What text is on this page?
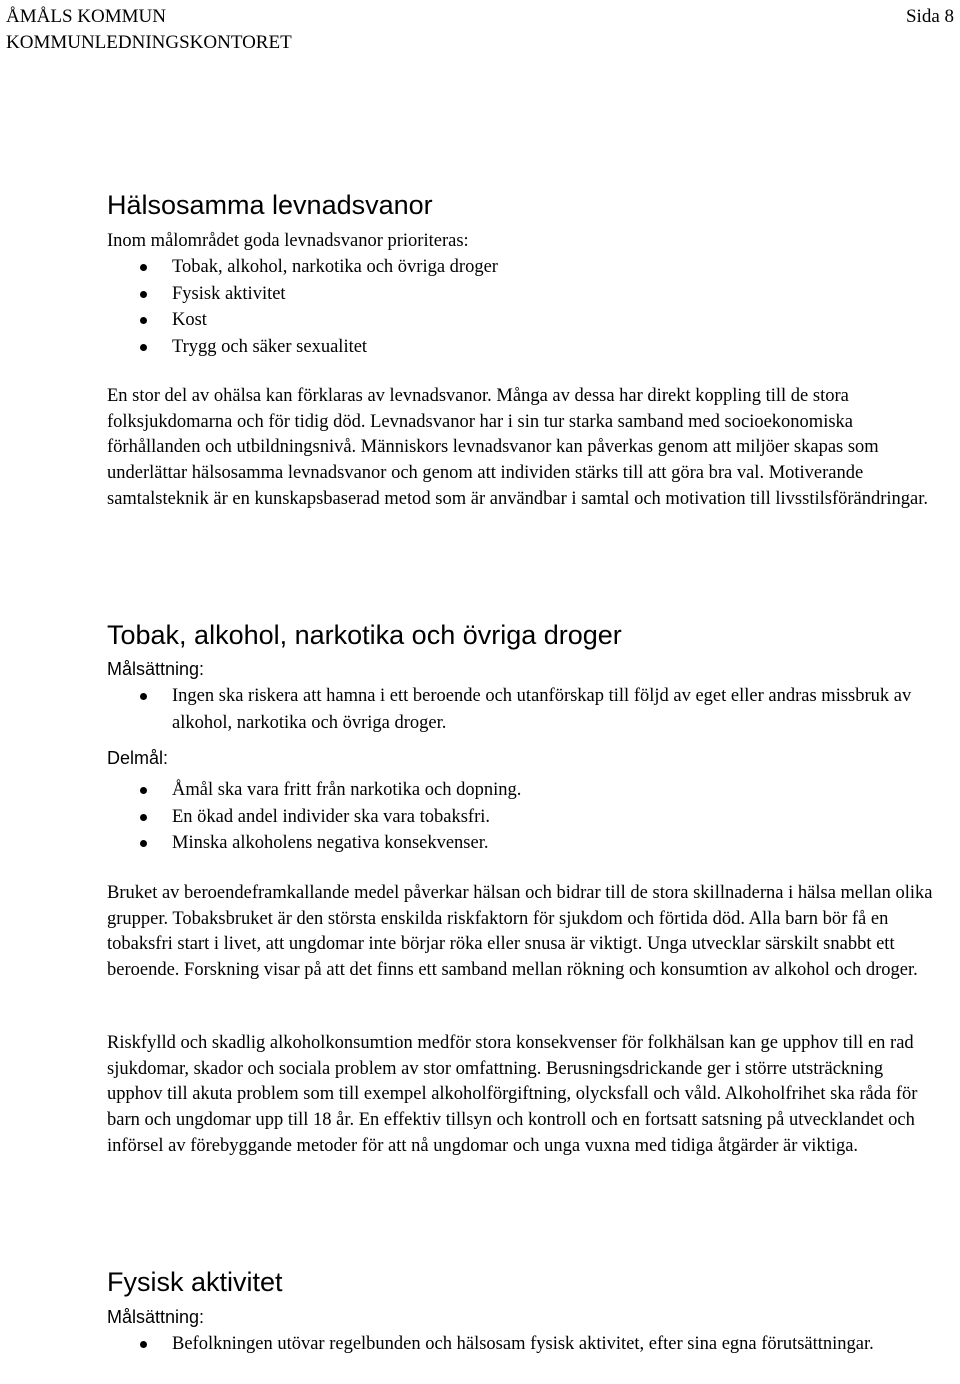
ÅMÅLS KOMMUN
KOMMUNLEDNINGSKONTORET
Sida 8
Hälsosamma levnadsvanor

Inom målområdet goda levnadsvanor prioriteras:

Tobak, alkohol, narkotika och övriga droger
Fysisk aktivitet
Kost
Trygg och säker sexualitet

En stor del av ohälsa kan förklaras av levnadsvanor. Många av dessa har direkt koppling till de stora folksjukdomarna och för tidig död. Levnadsvanor har i sin tur starka samband med socioekonomiska förhållanden och utbildningsnivå. Människors levnadsvanor kan påverkas genom att miljöer skapas som underlättar hälsosamma levnadsvanor och genom att individen stärks till att göra bra val. Motiverande samtalsteknik är en kunskapsbaserad metod som är användbar i samtal och motivation till livsstilsförändringar.

Tobak, alkohol, narkotika och övriga droger

Målsättning:

Ingen ska riskera att hamna i ett beroende och utanförskap till följd av eget eller andras missbruk av alkohol, narkotika och övriga droger.

Delmål:

Åmål ska vara fritt från narkotika och dopning.
En ökad andel individer ska vara tobaksfri.
Minska alkoholens negativa konsekvenser.

Bruket av beroendeframkallande medel påverkar hälsan och bidrar till de stora skillnaderna i hälsa mellan olika grupper. Tobaksbruket är den största enskilda riskfaktorn för sjukdom och förtida död. Alla barn bör få en tobaksfri start i livet, att ungdomar inte börjar röka eller snusa är viktigt. Unga utvecklar särskilt snabbt ett beroende. Forskning visar på att det finns ett samband mellan rökning och konsumtion av alkohol och droger.

Riskfylld och skadlig alkoholkonsumtion medför stora konsekvenser för folkhälsan kan ge upphov till en rad sjukdomar, skador och sociala problem av stor omfattning. Berusningsdrickande ger i större utsträckning upphov till akuta problem som till exempel alkoholförgiftning, olycksfall och våld. Alkoholfrihet ska råda för barn och ungdomar upp till 18 år. En effektiv tillsyn och kontroll och en fortsatt satsning på utvecklandet och införsel av förebyggande metoder för att nå ungdomar och unga vuxna med tidiga åtgärder är viktiga.

Fysisk aktivitet

Målsättning:

Befolkningen utövar regelbunden och hälsosam fysisk aktivitet, efter sina egna förutsättningar.
